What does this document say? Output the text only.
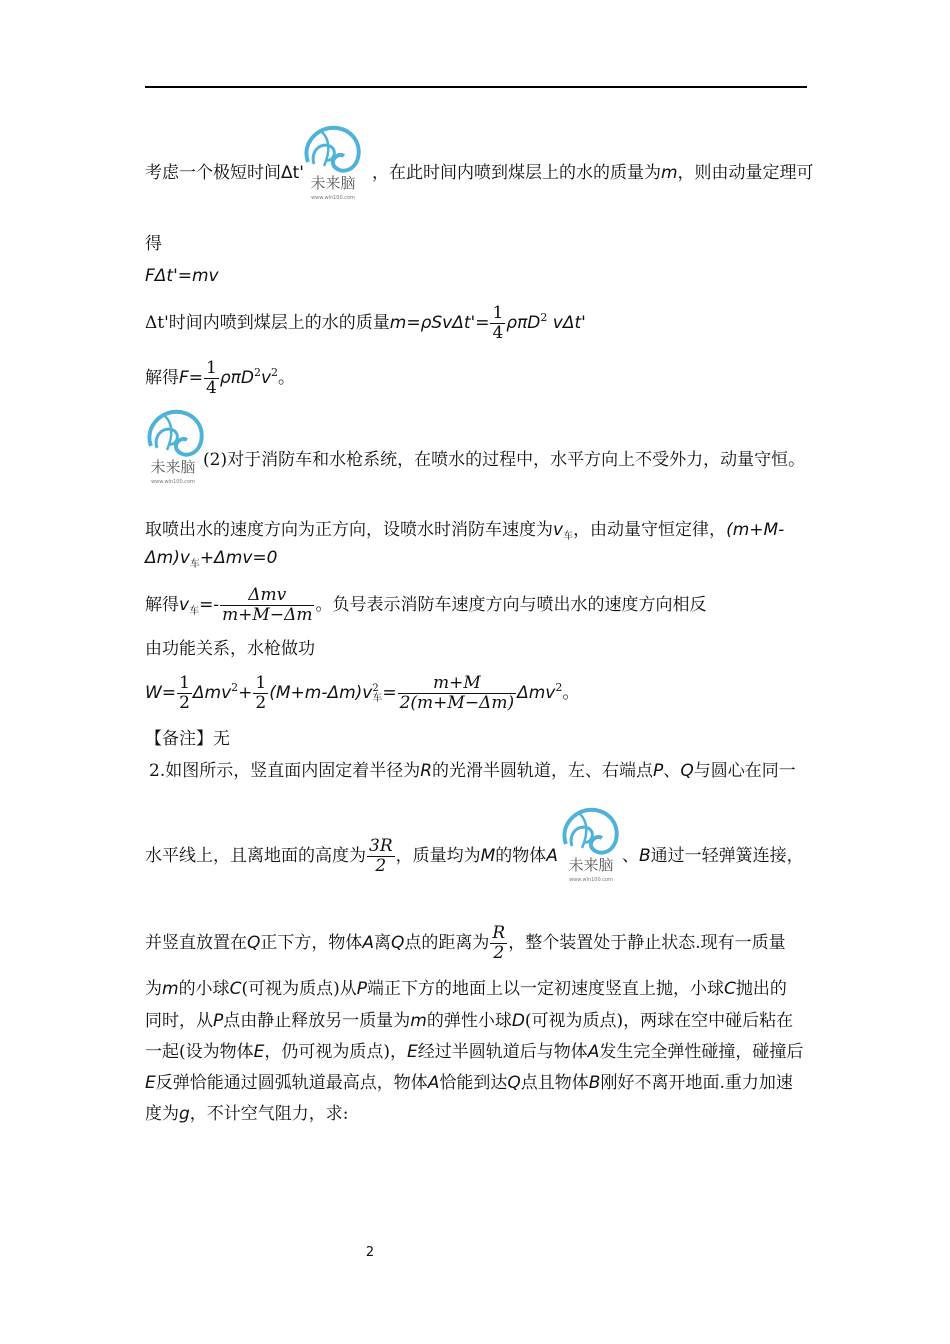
未来脑
www.wln100.com
未来脑
www.wln100.com
未来脑
www.wln100.com
考虑一个极短时间Δt'	，在此时间内喷到煤层上的水的质量为m，则由动量定理可
得
FΔt'=mv
Δt'时间内喷到煤层上的水的质量$m=\rho Sv\Delta t'= \frac{1}{4} \rho\pi D^2$ vΔt'
解得$F= \frac{1}{4} \rho\pi D^2v^2$。
(2)对于消防车和水枪系统，在喷水的过程中，水平方向上不受外力，动量守恒。
取喷出水的速度方向为正方向，设喷水时消防车速度为$v_车$，由动量守恒定律，(m+M-
$\Delta m)v_车+\Delta mv=0$
解得$v_车=- \frac{\text{Δmv}}{m+M-\Delta m}$ 。负号表示消防车速度方向与喷出水的速度方向相反
由功能关系，水枪做功
$W= \frac{1}{2} \Delta mv^2+ \frac{1}{2} (M+m-\Delta m)v$ 2
车 = $\frac{m+M}{2(m+M-\Delta m)} \Delta mv^2$。
【备注】无
2.如图所示，竖直面内固定着半径为R的光滑半圆轨道，左、右端点P、Q与圆心在同一
水平线上，且离地面的高度为 $\frac{3R}{2}$ ，质量均为M的物体A	、B通过一轻弹簧连接，
并竖直放置在Q正下方，物体A离Q点的距离为 $\frac{R}{2}$ ，整个装置处于静止状态.现有一质量
为m的小球C(可视为质点)从P端正下方的地面上以一定初速度竖直上抛，小球C抛出的
同时，从P点由静止释放另一质量为m的弹性小球D(可视为质点)，两球在空中碰后粘在
一起(设为物体E，仍可视为质点)，E经过半圆轨道后与物体A发生完全弹性碰撞，碰撞后
E反弹恰能通过圆弧轨道最高点，物体A恰能到达Q点且物体B刚好不离开地面.重力加速
度为g，不计空气阻力，求:
2
